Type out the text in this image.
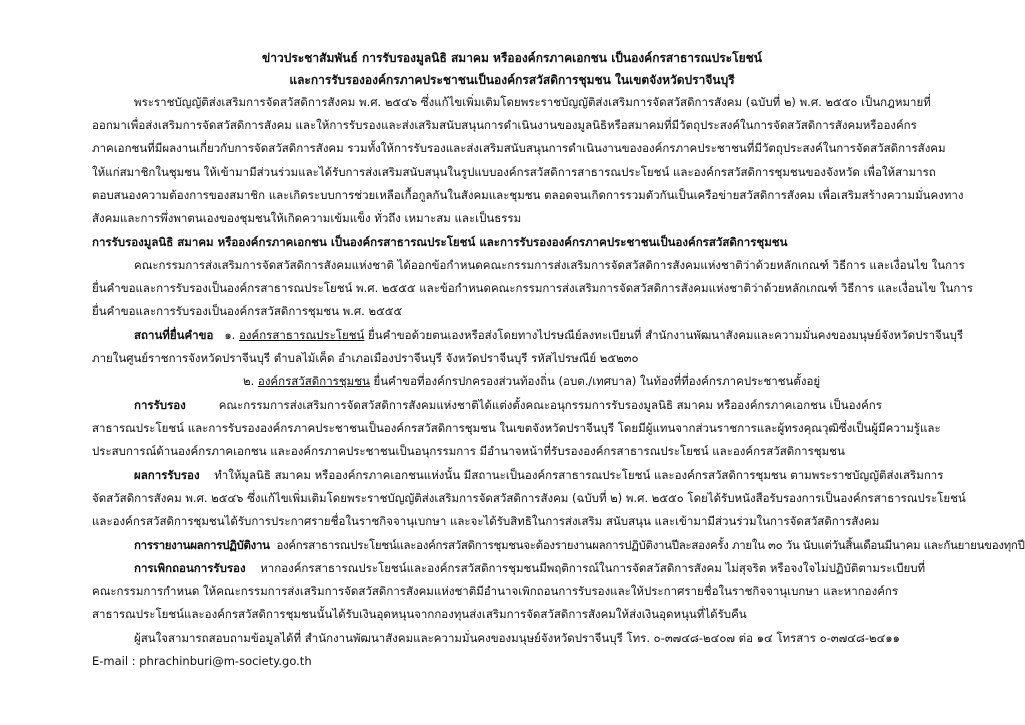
ข่าวประชาสัมพันธ์ การรับรองมูลนิธิ สมาคม หรือองค์กรภาคเอกชน เป็นองค์กรสาธารณประโยชน์

และการรับรององค์กรภาคประชาชนเป็นองค์กรสวัสดิการชุมชน ในเขตจังหวัดปราจีนบุรี

พระราชบัญญัติส่งเสริมการจัดสวัสดิการสังคม พ.ศ. ๒๕๔๖ ซึ่งแก้ไขเพิ่มเติมโดยพระราชบัญญัติส่งเสริมการจัดสวัสดิการสังคม (ฉบับที่ ๒) พ.ศ. ๒๕๕๐ เป็นกฎหมายที่

ออกมาเพื่อส่งเสริมการจัดสวัสดิการสังคม และให้การรับรองและส่งเสริมสนับสนุนการดำเนินงานของมูลนิธิหรือสมาคมที่มีวัตถุประสงค์ในการจัดสวัสดิการสังคมหรือองค์กร

ภาคเอกชนที่มีผลงานเกี่ยวกับการจัดสวัสดิการสังคม รวมทั้งให้การรับรองและส่งเสริมสนับสนุนการดำเนินงานขององค์กรภาคประชาชนที่มีวัตถุประสงค์ในการจัดสวัสดิการสังคม

ให้แก่สมาชิกในชุมชน ให้เข้ามามีส่วนร่วมและได้รับการส่งเสริมสนับสนุนในรูปแบบองค์กรสวัสดิการสาธารณประโยชน์ และองค์กรสวัสดิการชุมชนของจังหวัด เพื่อให้สามารถ

ตอบสนองความต้องการของสมาชิก และเกิดระบบการช่วยเหลือเกื้อกูลกันในสังคมและชุมชน ตลอดจนเกิดการรวมตัวกันเป็นเครือข่ายสวัสดิการสังคม เพื่อเสริมสร้างความมั่นคงทาง

สังคมและการพึ่งพาตนเองของชุมชนให้เกิดความเข้มแข็ง ทั่วถึง เหมาะสม และเป็นธรรม

การรับรองมูลนิธิ สมาคม หรือองค์กรภาคเอกชน เป็นองค์กรสาธารณประโยชน์ และการรับรององค์กรภาคประชาชนเป็นองค์กรสวัสดิการชุมชน

คณะกรรมการส่งเสริมการจัดสวัสดิการสังคมแห่งชาติ ได้ออกข้อกำหนดคณะกรรมการส่งเสริมการจัดสวัสดิการสังคมแห่งชาติว่าด้วยหลักเกณฑ์ วิธีการ และเงื่อนไข ในการ

ยื่นคำขอและการรับรองเป็นองค์กรสาธารณประโยชน์ พ.ศ. ๒๕๕๕ และข้อกำหนดคณะกรรมการส่งเสริมการจัดสวัสดิการสังคมแห่งชาติว่าด้วยหลักเกณฑ์ วิธีการ และเงื่อนไข ในการ

ยื่นคำขอและการรับรองเป็นองค์กรสวัสดิการชุมชน พ.ศ. ๒๕๕๕

สถานที่ยื่นคำขอ ๑. องค์กรสาธารณประโยชน์ ยื่นคำขอด้วยตนเองหรือส่งโดยทางไปรษณีย์ลงทะเบียนที่ สำนักงานพัฒนาสังคมและความมั่นคงของมนุษย์จังหวัดปราจีนบุรี

ภายในศูนย์ราชการจังหวัดปราจีนบุรี ตำบลไม้เค็ด อำเภอเมืองปราจีนบุรี จังหวัดปราจีนบุรี รหัสไปรษณีย์ ๒๕๒๓๐

๒. องค์กรสวัสดิการชุมชน ยื่นคำขอที่องค์กรปกครองส่วนท้องถิ่น (อบต./เทศบาล) ในท้องที่ที่องค์กรภาคประชาชนตั้งอยู่

การรับรอง	คณะกรรมการส่งเสริมการจัดสวัสดิการสังคมแห่งชาติได้แต่งตั้งคณะอนุกรรมการรับรองมูลนิธิ สมาคม หรือองค์กรภาคเอกชน เป็นองค์กร

สาธารณประโยชน์ และการรับรององค์กรภาคประชาชนเป็นองค์กรสวัสดิการชุมชน ในเขตจังหวัดปราจีนบุรี โดยมีผู้แทนจากส่วนราชการและผู้ทรงคุณวุฒิซึ่งเป็นผู้มีความรู้และ

ประสบการณ์ด้านองค์กรภาคเอกชน และองค์กรภาคประชาชนเป็นอนุกรรมการ มีอำนาจหน้าที่รับรององค์กรสาธารณประโยชน์ และองค์กรสวัสดิการชุมชน

ผลการรับรอง ทำให้มูลนิธิ สมาคม หรือองค์กรภาคเอกชนแห่งนั้น มีสถานะเป็นองค์กรสาธารณประโยชน์ และองค์กรสวัสดิการชุมชน ตามพระราชบัญญัติส่งเสริมการ

จัดสวัสดิการสังคม พ.ศ. ๒๕๔๖ ซึ่งแก้ไขเพิ่มเติมโดยพระราชบัญญัติส่งเสริมการจัดสวัสดิการสังคม (ฉบับที่ ๒) พ.ศ. ๒๕๕๐ โดยได้รับหนังสือรับรองการเป็นองค์กรสาธารณประโยชน์

และองค์กรสวัสดิการชุมชนได้รับการประกาศรายชื่อในราชกิจจานุเบกษา และจะได้รับสิทธิในการส่งเสริม สนับสนุน และเข้ามามีส่วนร่วมในการจัดสวัสดิการสังคม

การรายงานผลการปฏิบัติงาน องค์กรสาธารณประโยชน์และองค์กรสวัสดิการชุมชนจะต้องรายงานผลการปฏิบัติงานปีละสองครั้ง ภายใน ๓๐ วัน นับแต่วันสิ้นเดือนมีนาคม และกันยายนของทุกปี

การเพิกถอนการรับรอง หากองค์กรสาธารณประโยชน์และองค์กรสวัสดิการชุมชนมีพฤติการณ์ในการจัดสวัสดิการสังคม ไม่สุจริต หรือจงใจไม่ปฏิบัติตามระเบียบที่

คณะกรรมการกำหนด ให้คณะกรรมการส่งเสริมการจัดสวัสดิการสังคมแห่งชาติมีอำนาจเพิกถอนการรับรองและให้ประกาศรายชื่อในราชกิจจานุเบกษา และหากองค์กร

สาธารณประโยชน์และองค์กรสวัสดิการชุมชนนั้นได้รับเงินอุดหนุนจากกองทุนส่งเสริมการจัดสวัสดิการสังคมให้ส่งเงินอุดหนุนที่ได้รับคืน

ผู้สนใจสามารถสอบถามข้อมูลได้ที่ สำนักงานพัฒนาสังคมและความมั่นคงของมนุษย์จังหวัดปราจีนบุรี โทร. ๐-๓๗๔๘-๒๔๐๗ ต่อ ๑๔ โทรสาร ๐-๓๗๔๘-๒๔๑๑

E-mail : phrachinburi@m-society.go.th
